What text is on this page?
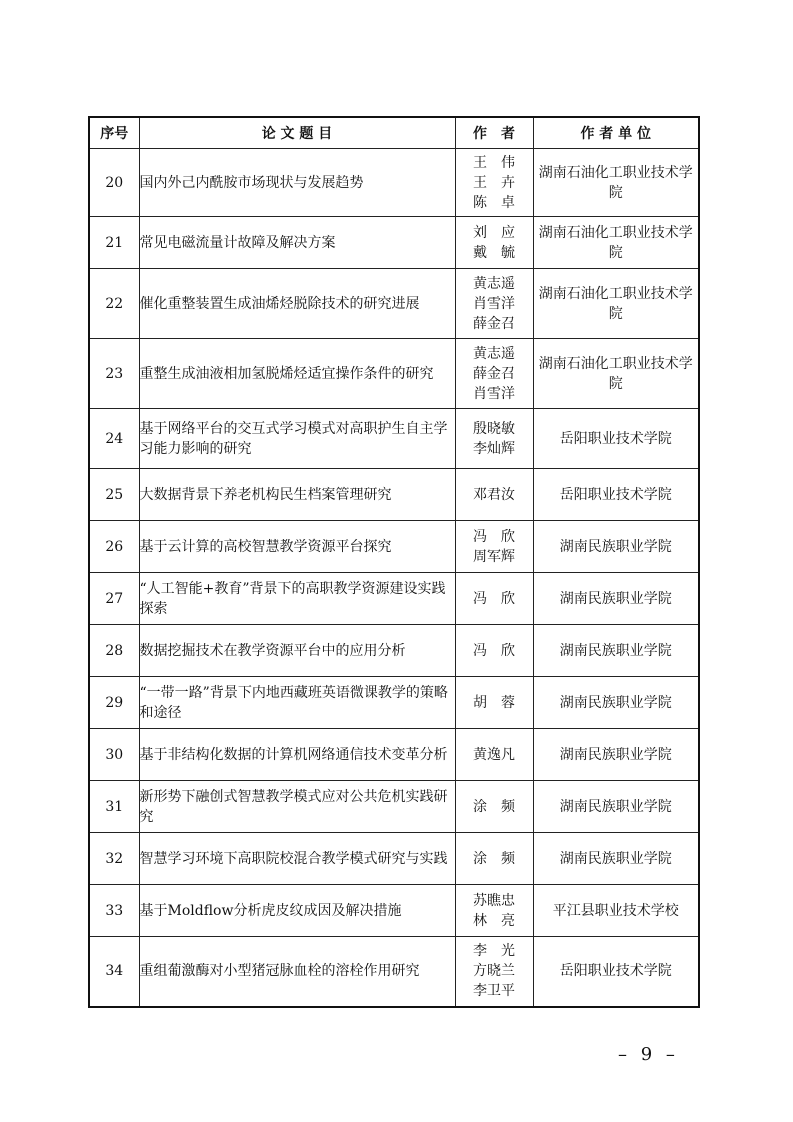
序号	论 文 题 目	作　者	作 者 单 位
20	国内外己内酰胺市场现状与发展趋势	王　伟
王　卉
陈　卓	湖南石油化工职业技术学院
21	常见电磁流量计故障及解决方案	刘　应
戴　毓	湖南石油化工职业技术学院
22	催化重整装置生成油烯烃脱除技术的研究进展	黄志遥
肖雪洋
薛金召	湖南石油化工职业技术学院
23	重整生成油液相加氢脱烯烃适宜操作条件的研究	黄志遥
薛金召
肖雪洋	湖南石油化工职业技术学院
24	基于网络平台的交互式学习模式对高职护生自主学习能力影响的研究	殷晓敏
李灿辉	岳阳职业技术学院
25	大数据背景下养老机构民生档案管理研究	邓君汝	岳阳职业技术学院
26	基于云计算的高校智慧教学资源平台探究	冯　欣
周军辉	湖南民族职业学院
27	“人工智能+教育”背景下的高职教学资源建设实践探索	冯　欣	湖南民族职业学院
28	数据挖掘技术在教学资源平台中的应用分析	冯　欣	湖南民族职业学院
29	“一带一路”背景下内地西藏班英语微课教学的策略和途径	胡　蓉	湖南民族职业学院
30	基于非结构化数据的计算机网络通信技术变革分析	黄逸凡	湖南民族职业学院
31	新形势下融创式智慧教学模式应对公共危机实践研究	涂　频	湖南民族职业学院
32	智慧学习环境下高职院校混合教学模式研究与实践	涂　频	湖南民族职业学院
33	基于Moldflow分析虎皮纹成因及解决措施	苏瞧忠
林　亮	平江县职业技术学校
34	重组葡激酶对小型猪冠脉血栓的溶栓作用研究	李　光
方晓兰
李卫平	岳阳职业技术学院
– 9 –
